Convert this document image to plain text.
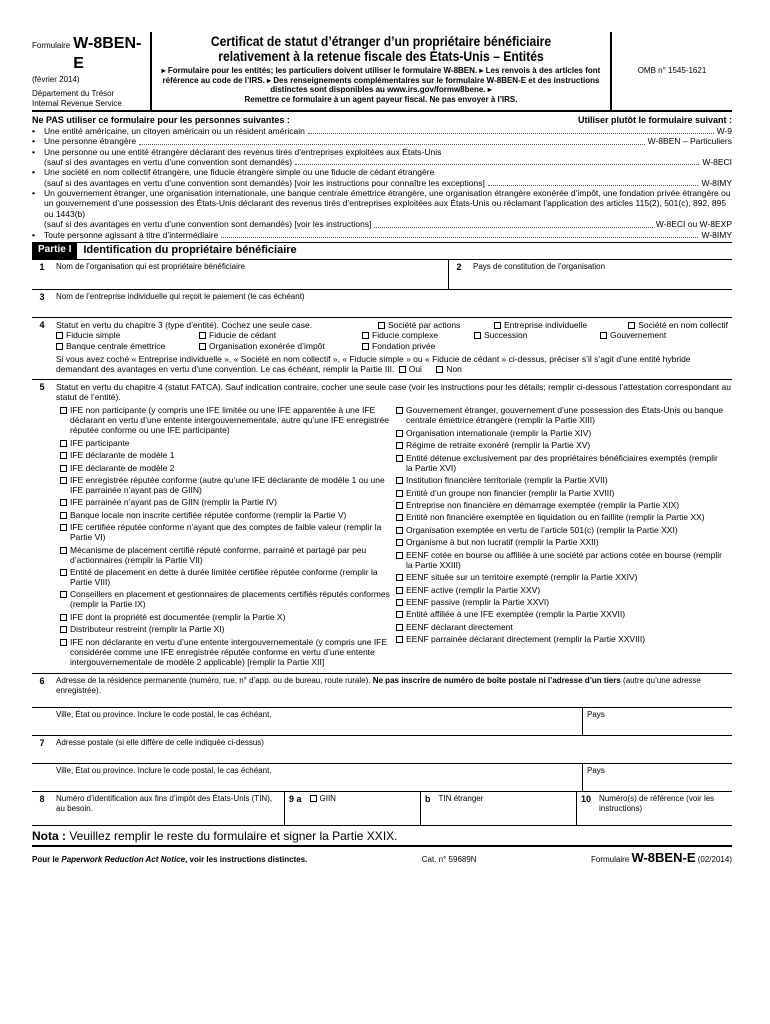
Formulaire W-8BEN-E
(février 2014)
Département du Trésor
Internal Revenue Service
Certificat de statut d’étranger d’un propriétaire bénéficiaire
relativement à la retenue fiscale des États-Unis – Entités
▸ Formulaire pour les entités; les particuliers doivent utiliser le formulaire W-8BEN. ▸ Les renvois à des articles font référence au code de l’IRS. ▸ Des renseignements complémentaires sur le formulaire W-8BEN-E et des instructions distinctes sont disponibles au www.irs.gov/formw8bene. ▸
Remettre ce formulaire à un agent payeur fiscal. Ne pas envoyer à l’IRS.
OMB n° 1545-1621
Ne PAS utiliser ce formulaire pour les personnes suivantes :	Utiliser plutôt le formulaire suivant :
•	Une entité américaine, un citoyen américain ou un résident américain	W-9
•	Une personne étrangère	W-8BEN – Particuliers
•	Une personne ou une entité étrangère déclarant des revenus tirés d’entreprises exploitées aux États-Unis
(sauf si des avantages en vertu d’une convention sont demandés)	W-8ECI
•	Une société en nom collectif étrangère, une fiducie étrangère simple ou une fiducie de cédant étrangère
(sauf si des avantages en vertu d’une convention sont demandés) [voir les instructions pour connaître les exceptions]	W-8IMY
•	Un gouvernement étranger, une organisation internationale, une banque centrale émettrice étrangère, une organisation étrangère exonérée d’impôt, une fondation privée étrangère ou un gouvernement d’une possession des États-Unis déclarant des revenus tirés d’entreprises exploitées aux États-Unis ou réclamant l’application des articles 115(2), 501(c), 892, 895 ou 1443(b)
(sauf si des avantages en vertu d’une convention sont demandés) [voir les instructions]	W-8ECI ou W-8EXP
•	Toute personne agissant à titre d’intermédiaire	W-8IMY
Partie I	Identification du propriétaire bénéficiaire
1	Nom de l’organisation qui est propriétaire bénéficiaire	2	Pays de constitution de l’organisation
3	Nom de l’entreprise individuelle qui reçoit le paiement (le cas échéant)
4	Statut en vertu du chapitre 3 (type d’entité). Cochez une seule case.	Société par actions	Entreprise individuelle	Société en nom collectif
Fiducie simple	Fiducie de cédant	Fiducie complexe	Succession	Gouvernement
Banque centrale émettrice	Organisation exonérée d’impôt	Fondation privée
Si vous avez coché « Entreprise individuelle », « Société en nom collectif », « Fiducie simple » ou « Fiducie de cédant » ci-dessus, préciser s’il s’agit d’une entité hybride demandant des avantages en vertu d’une convention. Le cas échéant, remplir la Partie III. Oui	Non
5	Statut en vertu du chapitre 4 (statut FATCA). Sauf indication contraire, cocher une seule case (voir les instructions pour les détails; remplir ci-dessous l’attestation correspondant au statut de l’entité).
IFE non participante (y compris une IFE limitée ou une IFE apparentée à une IFE déclarant en vertu d’une entente intergouvernementale, autre qu’une IFE enregistrée réputée conforme ou une IFE participante)
IFE participante
IFE déclarante de modèle 1
IFE déclarante de modèle 2
IFE enregistrée réputée conforme (autre qu’une IFE déclarante de modèle 1 ou une IFE parrainée n’ayant pas de GIIN)
IFE parrainée n’ayant pas de GIIN (remplir la Partie IV)
Banque locale non inscrite certifiée réputée conforme (remplir la Partie V)
IFE certifiée réputée conforme n’ayant que des comptes de faible valeur (remplir la Partie VI)
Mécanisme de placement certifié réputé conforme, parrainé et partagé par peu d’actionnaires (remplir la Partie VII)
Entité de placement en dette à durée limitée certifiée réputée conforme (remplir la Partie VIII)
Conseillers en placement et gestionnaires de placements certifiés réputés conformes (remplir la Partie IX)
IFE dont la propriété est documentée (remplir la Partie X)
Distributeur restreint (remplir la Partie XI)
IFE non déclarante en vertu d’une entente intergouvernementale (y compris une IFE considérée comme une IFE enregistrée réputée conforme en vertu d’une entente intergouvernementale de modèle 2 applicable) [remplir la Partie XII]
Gouvernement étranger, gouvernement d’une possession des États-Unis ou banque centrale émettrice étrangère (remplir la Partie XIII)
Organisation internationale (remplir la Partie XIV)
Régime de retraite exonéré (remplir la Partie XV)
Entité détenue exclusivement par des propriétaires bénéficiaires exemptés (remplir la Partie XVI)
Institution financière territoriale (remplir la Partie XVII)
Entité d’un groupe non financier (remplir la Partie XVIII)
Entreprise non financière en démarrage exemptée (remplir la Partie XIX)
Entité non financière exemptée en liquidation ou en faillite (remplir la Partie XX)
Organisation exemptée en vertu de l’article 501(c) (remplir la Partie XXI)
Organisme à but non lucratif (remplir la Partie XXII)
EENF cotée en bourse ou affiliée à une société par actions cotée en bourse (remplir la Partie XXIII)
EENF située sur un territoire exempté (remplir la Partie XXIV)
EENF active (remplir la Partie XXV)
EENF passive (remplir la Partie XXVI)
Entité affiliée à une IFE exemptée (remplir la Partie XXVII)
EENF déclarant directement
EENF parrainée déclarant directement (remplir la Partie XXVIII)
6	Adresse de la résidence permanente (numéro, rue, n° d’app. ou de bureau, route rurale). Ne pas inscrire de numéro de boîte postale ni l’adresse d’un tiers (autre qu’une adresse enregistrée).
Ville, État ou province. Inclure le code postal, le cas échéant.	Pays
7	Adresse postale (si elle diffère de celle indiquée ci-dessus)
Ville, État ou province. Inclure le code postal, le cas échéant.	Pays
8	Numéro d’identification aux fins d’impôt des États-Unis (TIN), au besoin.
9 a	GIIN	b TIN étranger	10 Numéro(s) de référence (voir les instructions)
Nota : Veuillez remplir le reste du formulaire et signer la Partie XXIX.
Pour le Paperwork Reduction Act Notice, voir les instructions distinctes.	Cat. n° 59689N	Formulaire W-8BEN-E (02/2014)
